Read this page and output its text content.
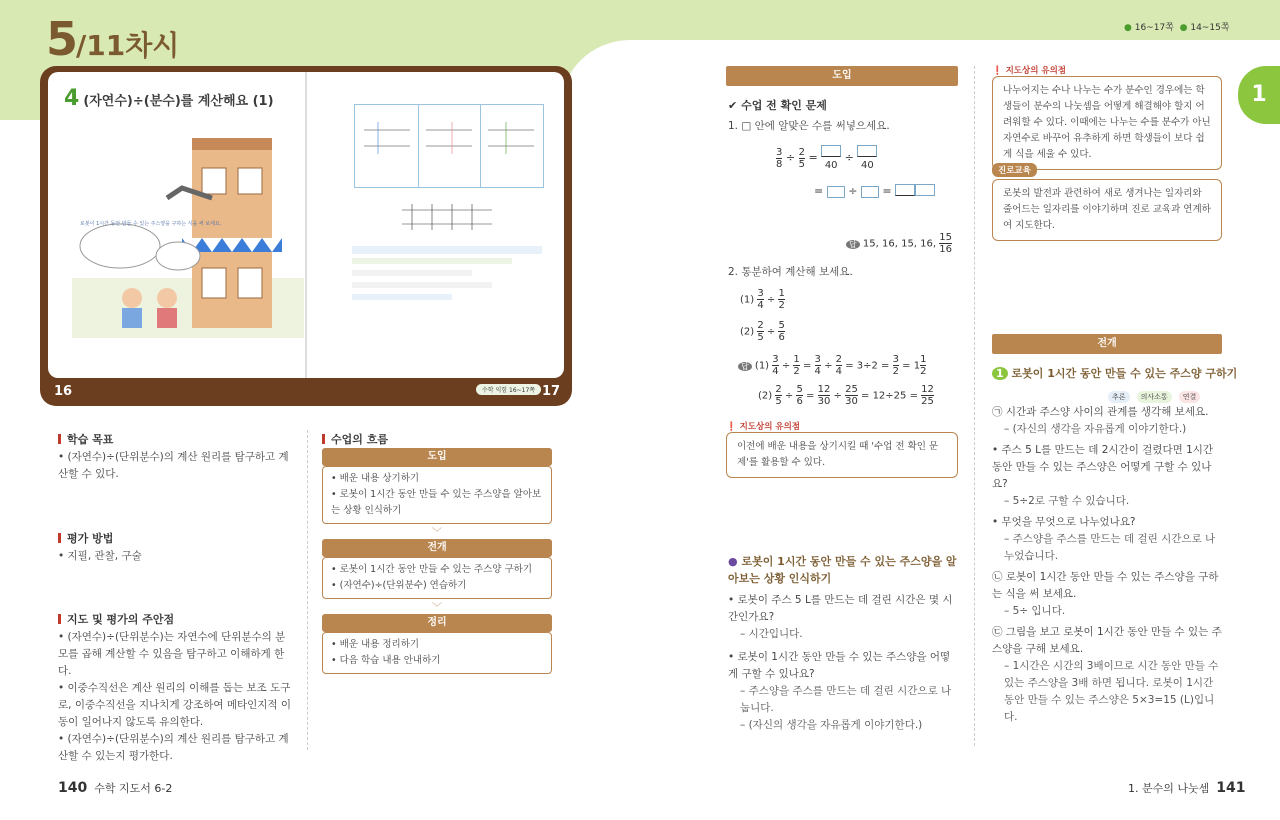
5/11차시
● 16~17쪽 ● 14~15쪽
16	17
4 (자연수)÷(분수)를 계산해요 (1)
로봇이 1시간 동안 만들 수 있는 주스양을 구하는 식을 써 보세요.
수학 익힘 16~17쪽
학습 목표
• (자연수)÷(단위분수)의 계산 원리를 탐구하고 계산할 수 있다.
평가 방법
• 지필, 관찰, 구술
지도 및 평가의 주안점
• (자연수)÷(단위분수)는 자연수에 단위분수의 분모를 곱해 계산할 수 있음을 탐구하고 이해하게 한다.
• 이중수직선은 계산 원리의 이해를 돕는 보조 도구로, 이중수직선을 지나치게 강조하여 메타인지적 이동이 일어나지 않도록 유의한다.
• (자연수)÷(단위분수)의 계산 원리를 탐구하고 계산할 수 있는지 평가한다.
수업의 흐름
도입
• 배운 내용 상기하기
• 로봇이 1시간 동안 만들 수 있는 주스양을 알아보는 상황 인식하기
﹀
전개
• 로봇이 1시간 동안 만들 수 있는 주스양 구하기
• (자연수)÷(단위분수) 연습하기
﹀
정리
• 배운 내용 정리하기
• 다음 학습 내용 안내하기
140 수학 지도서 6-2
도입
✔ 수업 전 확인 문제
1. □ 안에 알맞은 수를 써넣으세요.
$\frac{3}{8} \div \frac{2}{5}$ =
40
÷
40
=  ÷  =
답 15, 16, 15, 16, $\frac{15}{16}$
2. 통분하여 계산해 보세요.
$(1) \frac{3}{4} \div \frac{1}{2}$
$(2) \frac{2}{5} \div \frac{5}{6}$
답 $(1) \frac{3}{4} \div \frac{1}{2} = \frac{3}{4} \div \frac{2}{4} = 3\div 2 = \frac{3}{2} = 1 \frac{1}{2}$
$(2) \frac{2}{5} \div \frac{5}{6} = \frac{12}{30} \div \frac{25}{30} = 12\div 25 = \frac{12}{25}$
❗ 지도상의 유의점
이전에 배운 내용을 상기시킬 때 '수업 전 확인 문제'를 활용할 수 있다.
● 로봇이 1시간 동안 만들 수 있는 주스양을 알아보는 상황 인식하기
• 로봇이 주스 5 L를 만드는 데 걸린 시간은 몇 시간인가요?
– 시간입니다.
• 로봇이 1시간 동안 만들 수 있는 주스양을 어떻게 구할 수 있나요?
– 주스양을 주스를 만드는 데 걸린 시간으로 나눕니다.
– (자신의 생각을 자유롭게 이야기한다.)
❗ 지도상의 유의점
나누어지는 수나 나누는 수가 분수인 경우에는 학생들이 분수의 나눗셈을 어떻게 해결해야 할지 어려워할 수 있다. 이때에는 나누는 수를 분수가 아닌 자연수로 바꾸어 유추하게 하면 학생들이 보다 쉽게 식을 세울 수 있다.
진로교육
로봇의 발전과 관련하여 새로 생겨나는 일자리와 줄어드는 일자리를 이야기하며 진로 교육과 연계하여 지도한다.
전개
1 로봇이 1시간 동안 만들 수 있는 주스양 구하기
추론 의사소통 연결
㉠ 시간과 주스양 사이의 관계를 생각해 보세요.
– (자신의 생각을 자유롭게 이야기한다.)
• 주스 5 L를 만드는 데 2시간이 걸렸다면 1시간 동안 만들 수 있는 주스양은 어떻게 구할 수 있나요?
– 5÷2로 구할 수 있습니다.
• 무엇을 무엇으로 나누었나요?
– 주스양을 주스를 만드는 데 걸린 시간으로 나누었습니다.
㉡ 로봇이 1시간 동안 만들 수 있는 주스양을 구하는 식을 써 보세요.
– 5÷ 입니다.
㉢ 그림을 보고 로봇이 1시간 동안 만들 수 있는 주스양을 구해 보세요.
– 1시간은 시간의 3배이므로 시간 동안 만들 수 있는 주스양을 3배 하면 됩니다. 로봇이 1시간 동안 만들 수 있는 주스양은 5×3=15 (L)입니다.
1
1. 분수의 나눗셈 141
